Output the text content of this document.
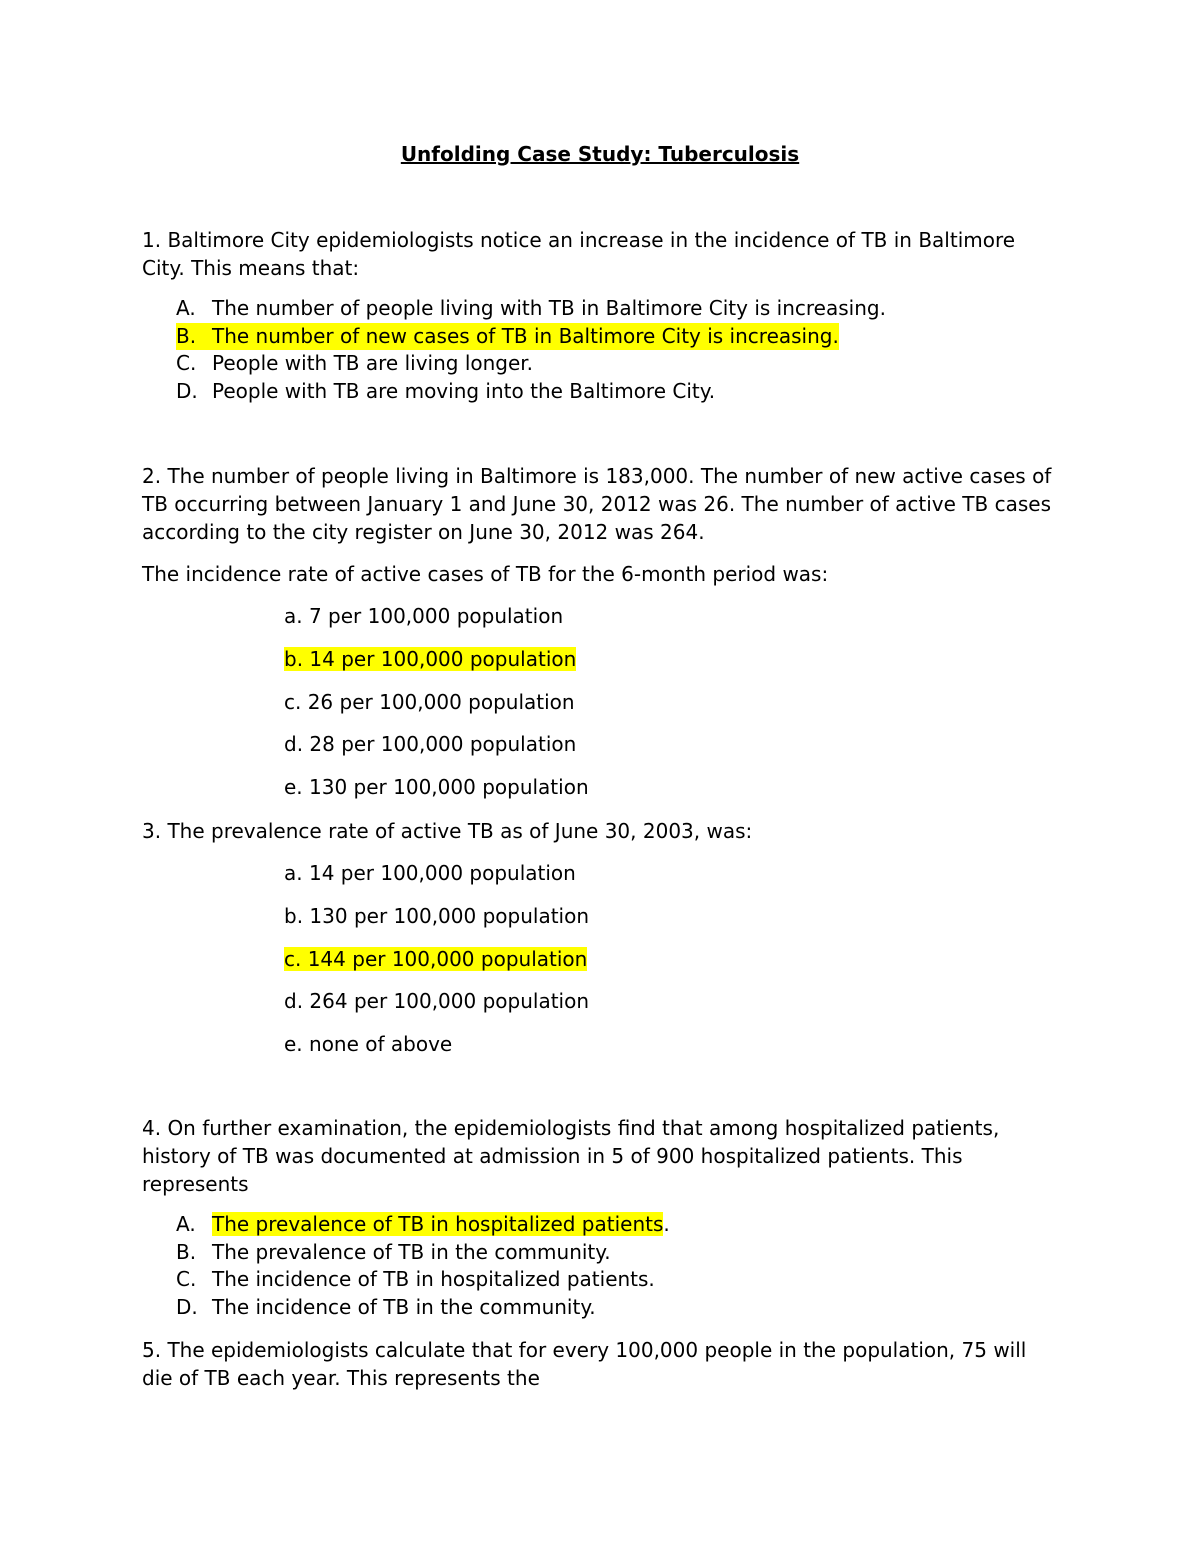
Unfolding Case Study: Tuberculosis

1. Baltimore City epidemiologists notice an increase in the incidence of TB in Baltimore City. This means that:

A. The number of people living with TB in Baltimore City is increasing.
B. The number of new cases of TB in Baltimore City is increasing.
C. People with TB are living longer.
D. People with TB are moving into the Baltimore City.

2. The number of people living in Baltimore is 183,000. The number of new active cases of TB occurring between January 1 and June 30, 2012 was 26. The number of active TB cases according to the city register on June 30, 2012 was 264.

The incidence rate of active cases of TB for the 6-month period was:

a. 7 per 100,000 population
b. 14 per 100,000 population
c. 26 per 100,000 population
d. 28 per 100,000 population
e. 130 per 100,000 population

3. The prevalence rate of active TB as of June 30, 2003, was:

a. 14 per 100,000 population
b. 130 per 100,000 population
c. 144 per 100,000 population
d. 264 per 100,000 population
e. none of above

4. On further examination, the epidemiologists find that among hospitalized patients, history of TB was documented at admission in 5 of 900 hospitalized patients. This represents

A. The prevalence of TB in hospitalized patients.
B. The prevalence of TB in the community.
C. The incidence of TB in hospitalized patients.
D. The incidence of TB in the community.

5. The epidemiologists calculate that for every 100,000 people in the population, 75 will die of TB each year. This represents the
